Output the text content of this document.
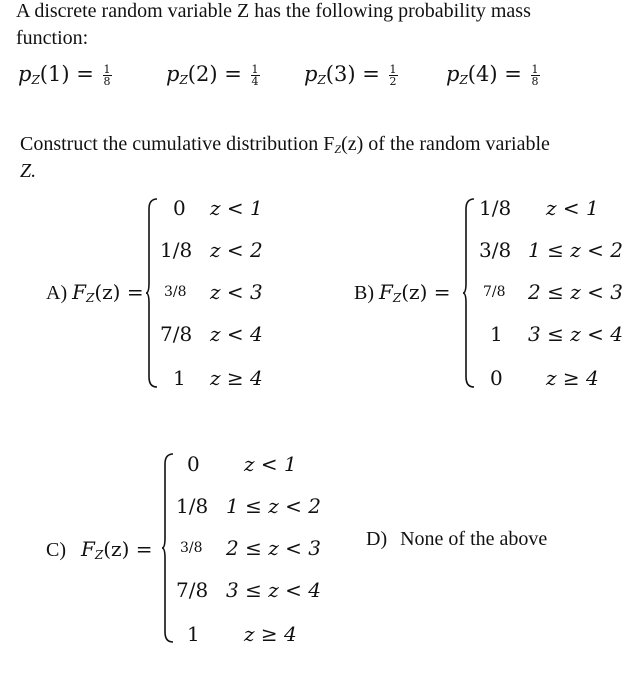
A discrete random variable Z has the following probability mass
function:
$p_Z(1) = \frac{1}{8}$	$p_Z(2) = \frac{1}{4} p_Z(3) = \frac{1}{2} p_Z(4) = \frac{1}{8}$
Construct the cumulative distribution FZ(z) of the random variable
Z.
A) FZ(z) =
0 z < 1
1/8 z < 2
3/8 z < 3
7/8 z < 4
1 z ≥ 4
B) FZ(z) =
1/8 z < 1
3/8 1 ≤ z < 2
7/8 2 ≤ z < 3
1 3 ≤ z < 4
0 z ≥ 4
C) FZ(z) =
0 z < 1
1/8 1 ≤ z < 2
3/8 2 ≤ z < 3
7/8 3 ≤ z < 4
1 z ≥ 4
D) None of the above
